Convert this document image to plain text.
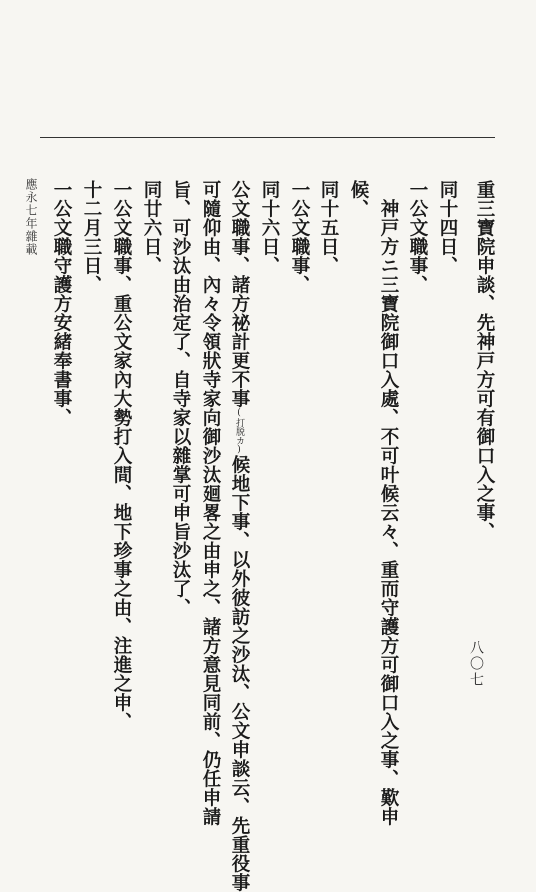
重三寶院申談、先神戸方可有御口入之事、
同十四日、
一公文職事、
神戸方ニ三寶院御口入處、不可叶候云々、重而守護方可御口入之事、歎申
候、
同十五日、
一公文職事、
同十六日、
公文職事、諸方祕計更不事(打脱カ)候地下事、以外彼訪之沙汰、公文申談云、先重役事
可隨仰由、內々令領狀寺家向御沙汰廻畧之由申之、諸方意見同前、仍任申請
旨、可沙汰由治定了、自寺家以雜掌可申旨沙汰了、
同廿六日、
一公文職事、重公文家內大勢打入間、地下珍事之由、注進之申、
十二月三日、
一公文職守護方安緒奉書事、
應永七年雜載
八〇七
